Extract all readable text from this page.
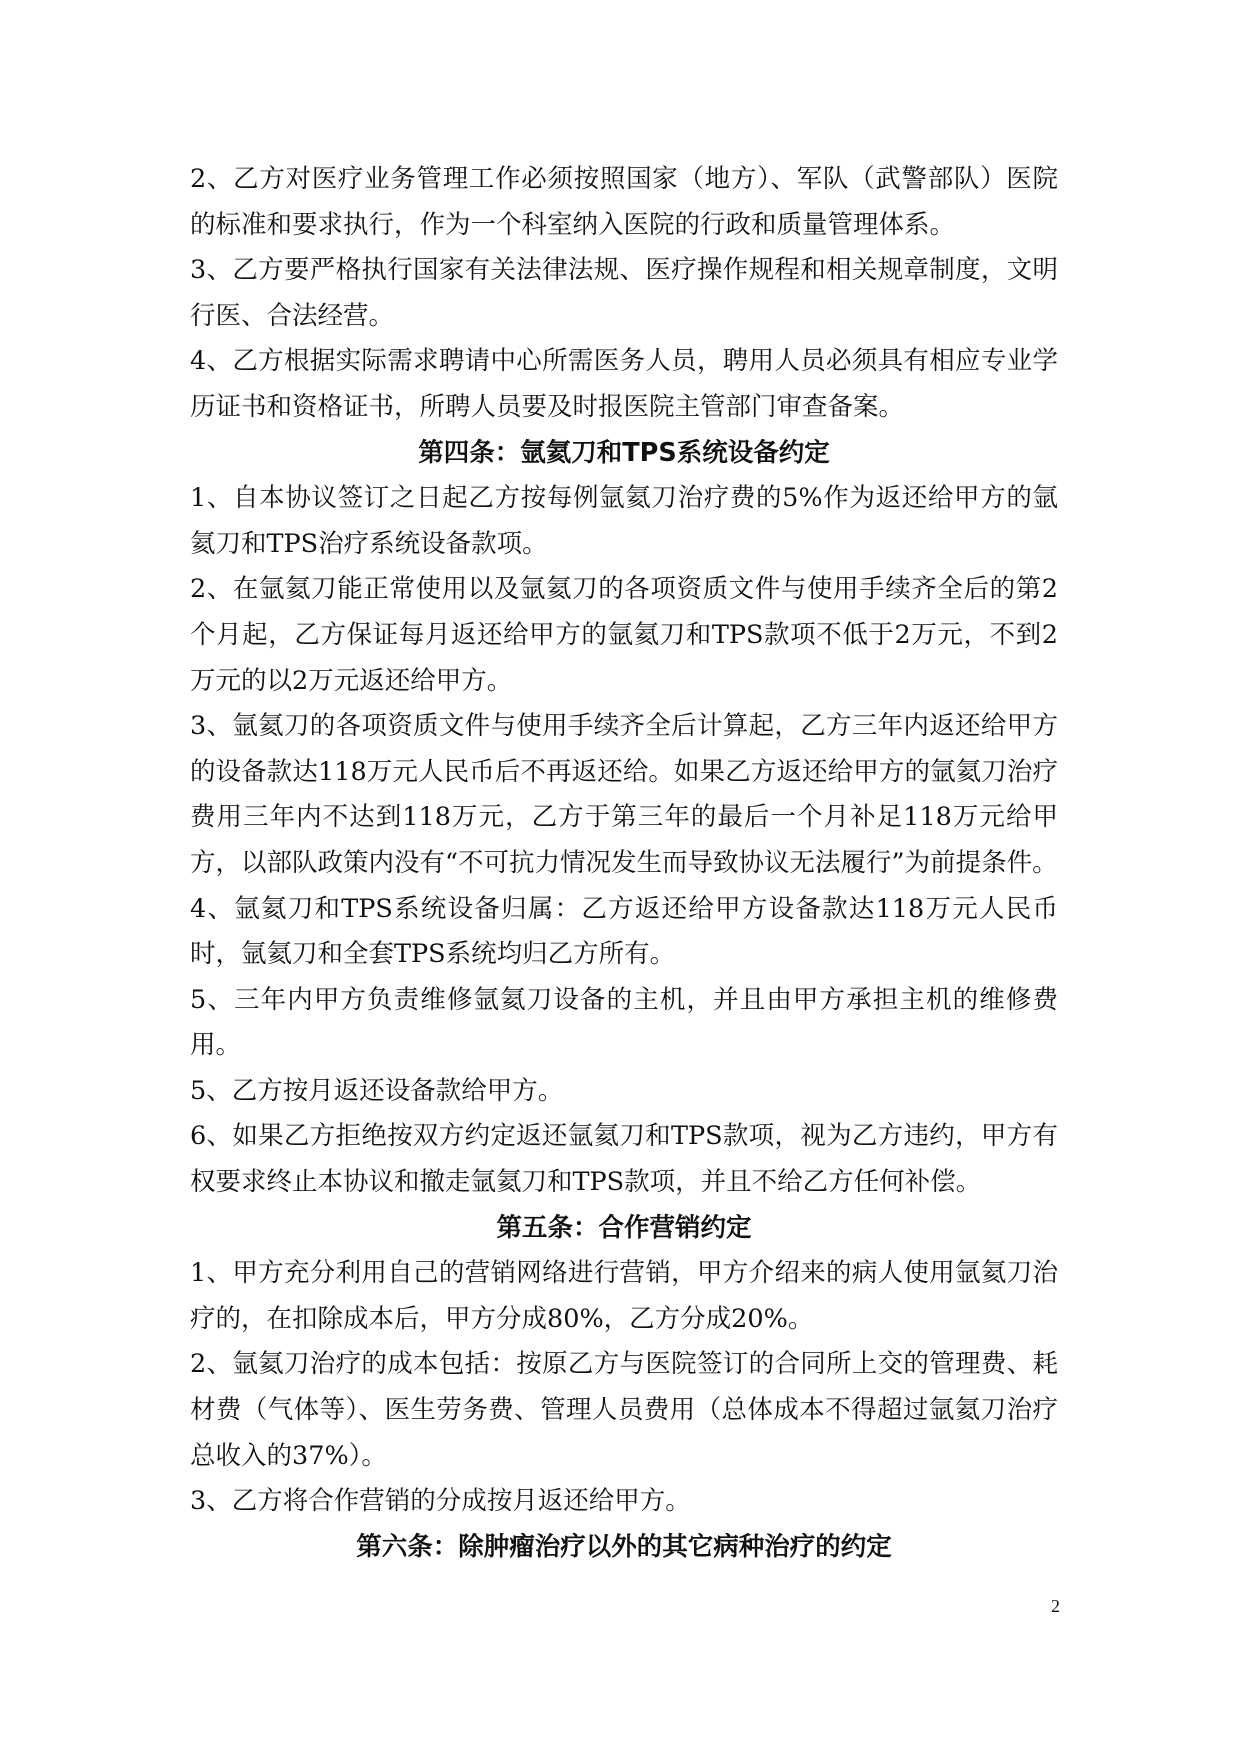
2、乙方对医疗业务管理工作必须按照国家（地方）、军队（武警部队）医院的标准和要求执行，作为一个科室纳入医院的行政和质量管理体系。

3、乙方要严格执行国家有关法律法规、医疗操作规程和相关规章制度，文明行医、合法经营。

4、乙方根据实际需求聘请中心所需医务人员，聘用人员必须具有相应专业学历证书和资格证书，所聘人员要及时报医院主管部门审查备案。

第四条：氩氦刀和TPS系统设备约定

1、自本协议签订之日起乙方按每例氩氦刀治疗费的5%作为返还给甲方的氩氦刀和TPS治疗系统设备款项。

2、在氩氦刀能正常使用以及氩氦刀的各项资质文件与使用手续齐全后的第2个月起，乙方保证每月返还给甲方的氩氦刀和TPS款项不低于2万元，不到2万元的以2万元返还给甲方。

3、氩氦刀的各项资质文件与使用手续齐全后计算起，乙方三年内返还给甲方的设备款达118万元人民币后不再返还给。如果乙方返还给甲方的氩氦刀治疗费用三年内不达到118万元，乙方于第三年的最后一个月补足118万元给甲方，以部队政策内没有“不可抗力情况发生而导致协议无法履行”为前提条件。

4、氩氦刀和TPS系统设备归属：乙方返还给甲方设备款达118万元人民币时，氩氦刀和全套TPS系统均归乙方所有。

5、三年内甲方负责维修氩氦刀设备的主机，并且由甲方承担主机的维修费用。

5、乙方按月返还设备款给甲方。

6、如果乙方拒绝按双方约定返还氩氦刀和TPS款项，视为乙方违约，甲方有权要求终止本协议和撤走氩氦刀和TPS款项，并且不给乙方任何补偿。

第五条：合作营销约定

1、甲方充分利用自己的营销网络进行营销，甲方介绍来的病人使用氩氦刀治疗的，在扣除成本后，甲方分成80%，乙方分成20%。

2、氩氦刀治疗的成本包括：按原乙方与医院签订的合同所上交的管理费、耗材费（气体等）、医生劳务费、管理人员费用（总体成本不得超过氩氦刀治疗总收入的37%）。

3、乙方将合作营销的分成按月返还给甲方。

第六条：除肿瘤治疗以外的其它病种治疗的约定
2
